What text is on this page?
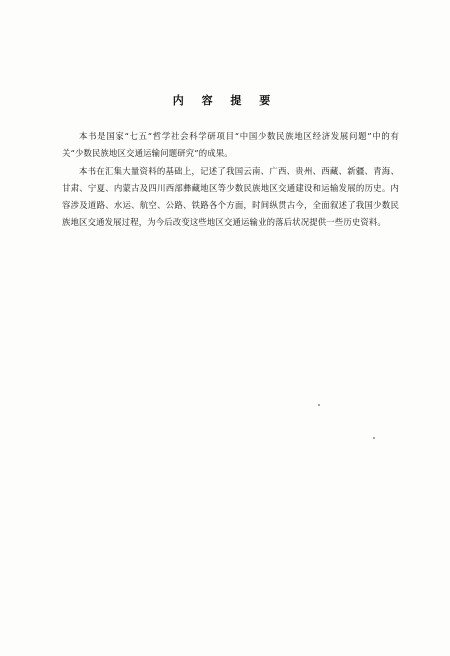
内 容 提 要

本书是国家“七五”哲学社会科学研项目“中国少数民族地区经济发展问题”中的有关“少数民族地区交通运输问题研究”的成果。

本书在汇集大量资料的基础上，记述了我国云南、广西、贵州、西藏、新疆、青海、甘肃、宁夏、内蒙古及四川西部彝藏地区等少数民族地区交通建设和运输发展的历史。内容涉及道路、水运、航空、公路、铁路各个方面，时间纵贯古今，全面叙述了我国少数民族地区交通发展过程，为今后改变这些地区交通运输业的落后状况提供一些历史资料。
